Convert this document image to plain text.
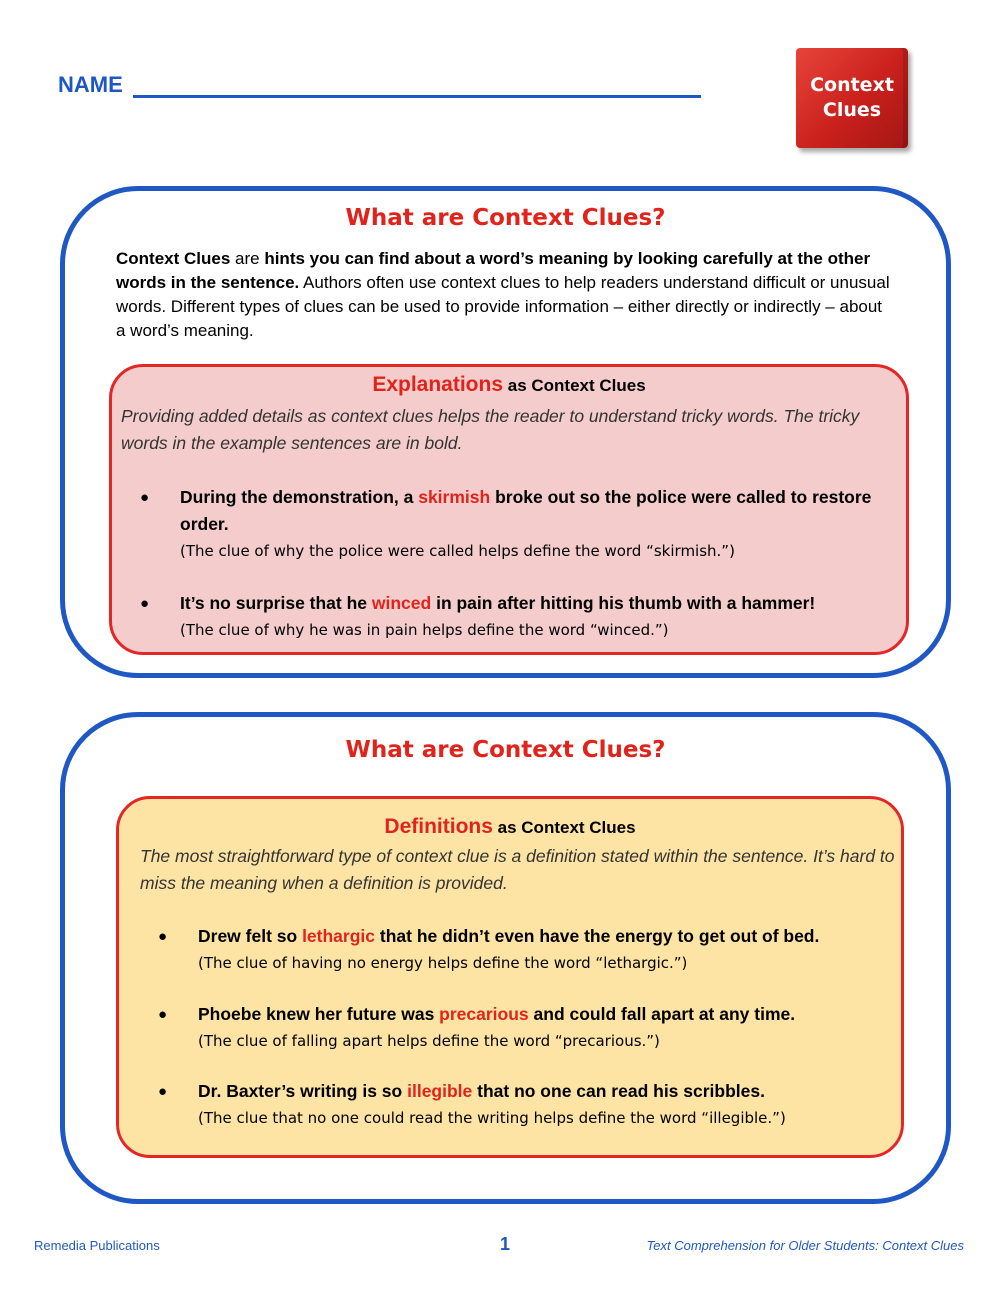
NAME	Context
Clues
What are Context Clues?
Context Clues are hints you can find about a word’s meaning by looking carefully at the other words in the sentence. Authors often use context clues to help readers understand difficult or unusual words. Different types of clues can be used to provide information – either directly or indirectly – about a word’s meaning.
Explanations as Context Clues
Providing added details as context clues helps the reader to understand tricky words. The tricky words in the example sentences are in bold.
● During the demonstration, a skirmish broke out so the police were called to restore order.
(The clue of why the police were called helps define the word “skirmish.”)
● It’s no surprise that he winced in pain after hitting his thumb with a hammer!
(The clue of why he was in pain helps define the word “winced.”)
What are Context Clues?
Definitions as Context Clues
The most straightforward type of context clue is a definition stated within the sentence. It’s hard to miss the meaning when a definition is provided.
● Drew felt so lethargic that he didn’t even have the energy to get out of bed.
(The clue of having no energy helps define the word “lethargic.”)
● Phoebe knew her future was precarious and could fall apart at any time.
(The clue of falling apart helps define the word “precarious.”)
● Dr. Baxter’s writing is so illegible that no one can read his scribbles.
(The clue that no one could read the writing helps define the word “illegible.”)
Remedia Publications	1	Text Comprehension for Older Students: Context Clues
